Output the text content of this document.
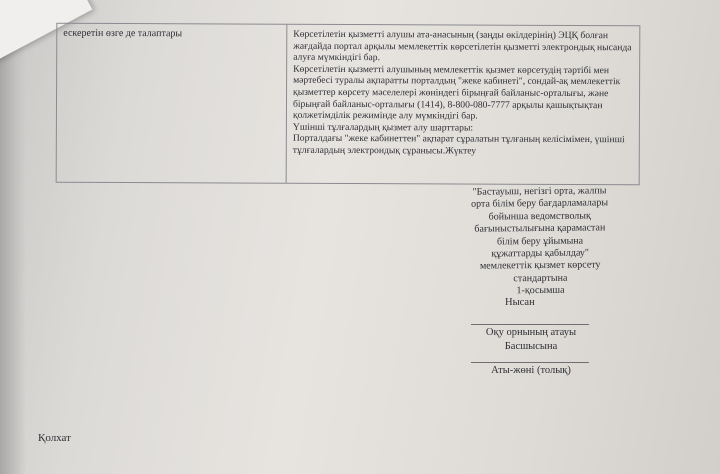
ескеретін өзге де талаптары	Көрсетілетін қызметті алушы ата-анасының (заңды өкілдерінің) ЭЦҚ болған жағдайда портал арқылы мемлекеттік көрсетілетін қызметті электрондық нысанда алуға мүмкіндігі бар.

Көрсетілетін қызметті алушының мемлекеттік қызмет көрсетудің тәртібі мен мәртебесі туралы ақпаратты порталдың "жеке кабинеті", сондай-ақ мемлекеттік қызметтер көрсету мәселелері жөніндегі бірыңғай байланыс-орталығы, және бірыңғай байланыс-орталығы (1414), 8-800-080-7777 арқылы қашықтықтан қолжетімділік режимінде алу мүмкіндігі бар.

Үшінші тұлғалардың қызмет алу шарттары:

Порталдағы "жеке кабинеттен" ақпарат сұралатын тұлғаның келісімімен, үшінші тұлғалардың электрондық сұранысы.Жүктеу

"Бастауыш, негізгі орта, жалпы
орта білім беру бағдарламалары
бойынша ведомстволық
бағыныстылығына қарамастан
білім беру ұйымына
құжаттарды қабылдау"
мемлекеттік қызмет көрсету
стандартына
1-қосымша
Нысан
Оқу орнының атауы
Басшысына
Аты-жөні (толық)
Қолхат
